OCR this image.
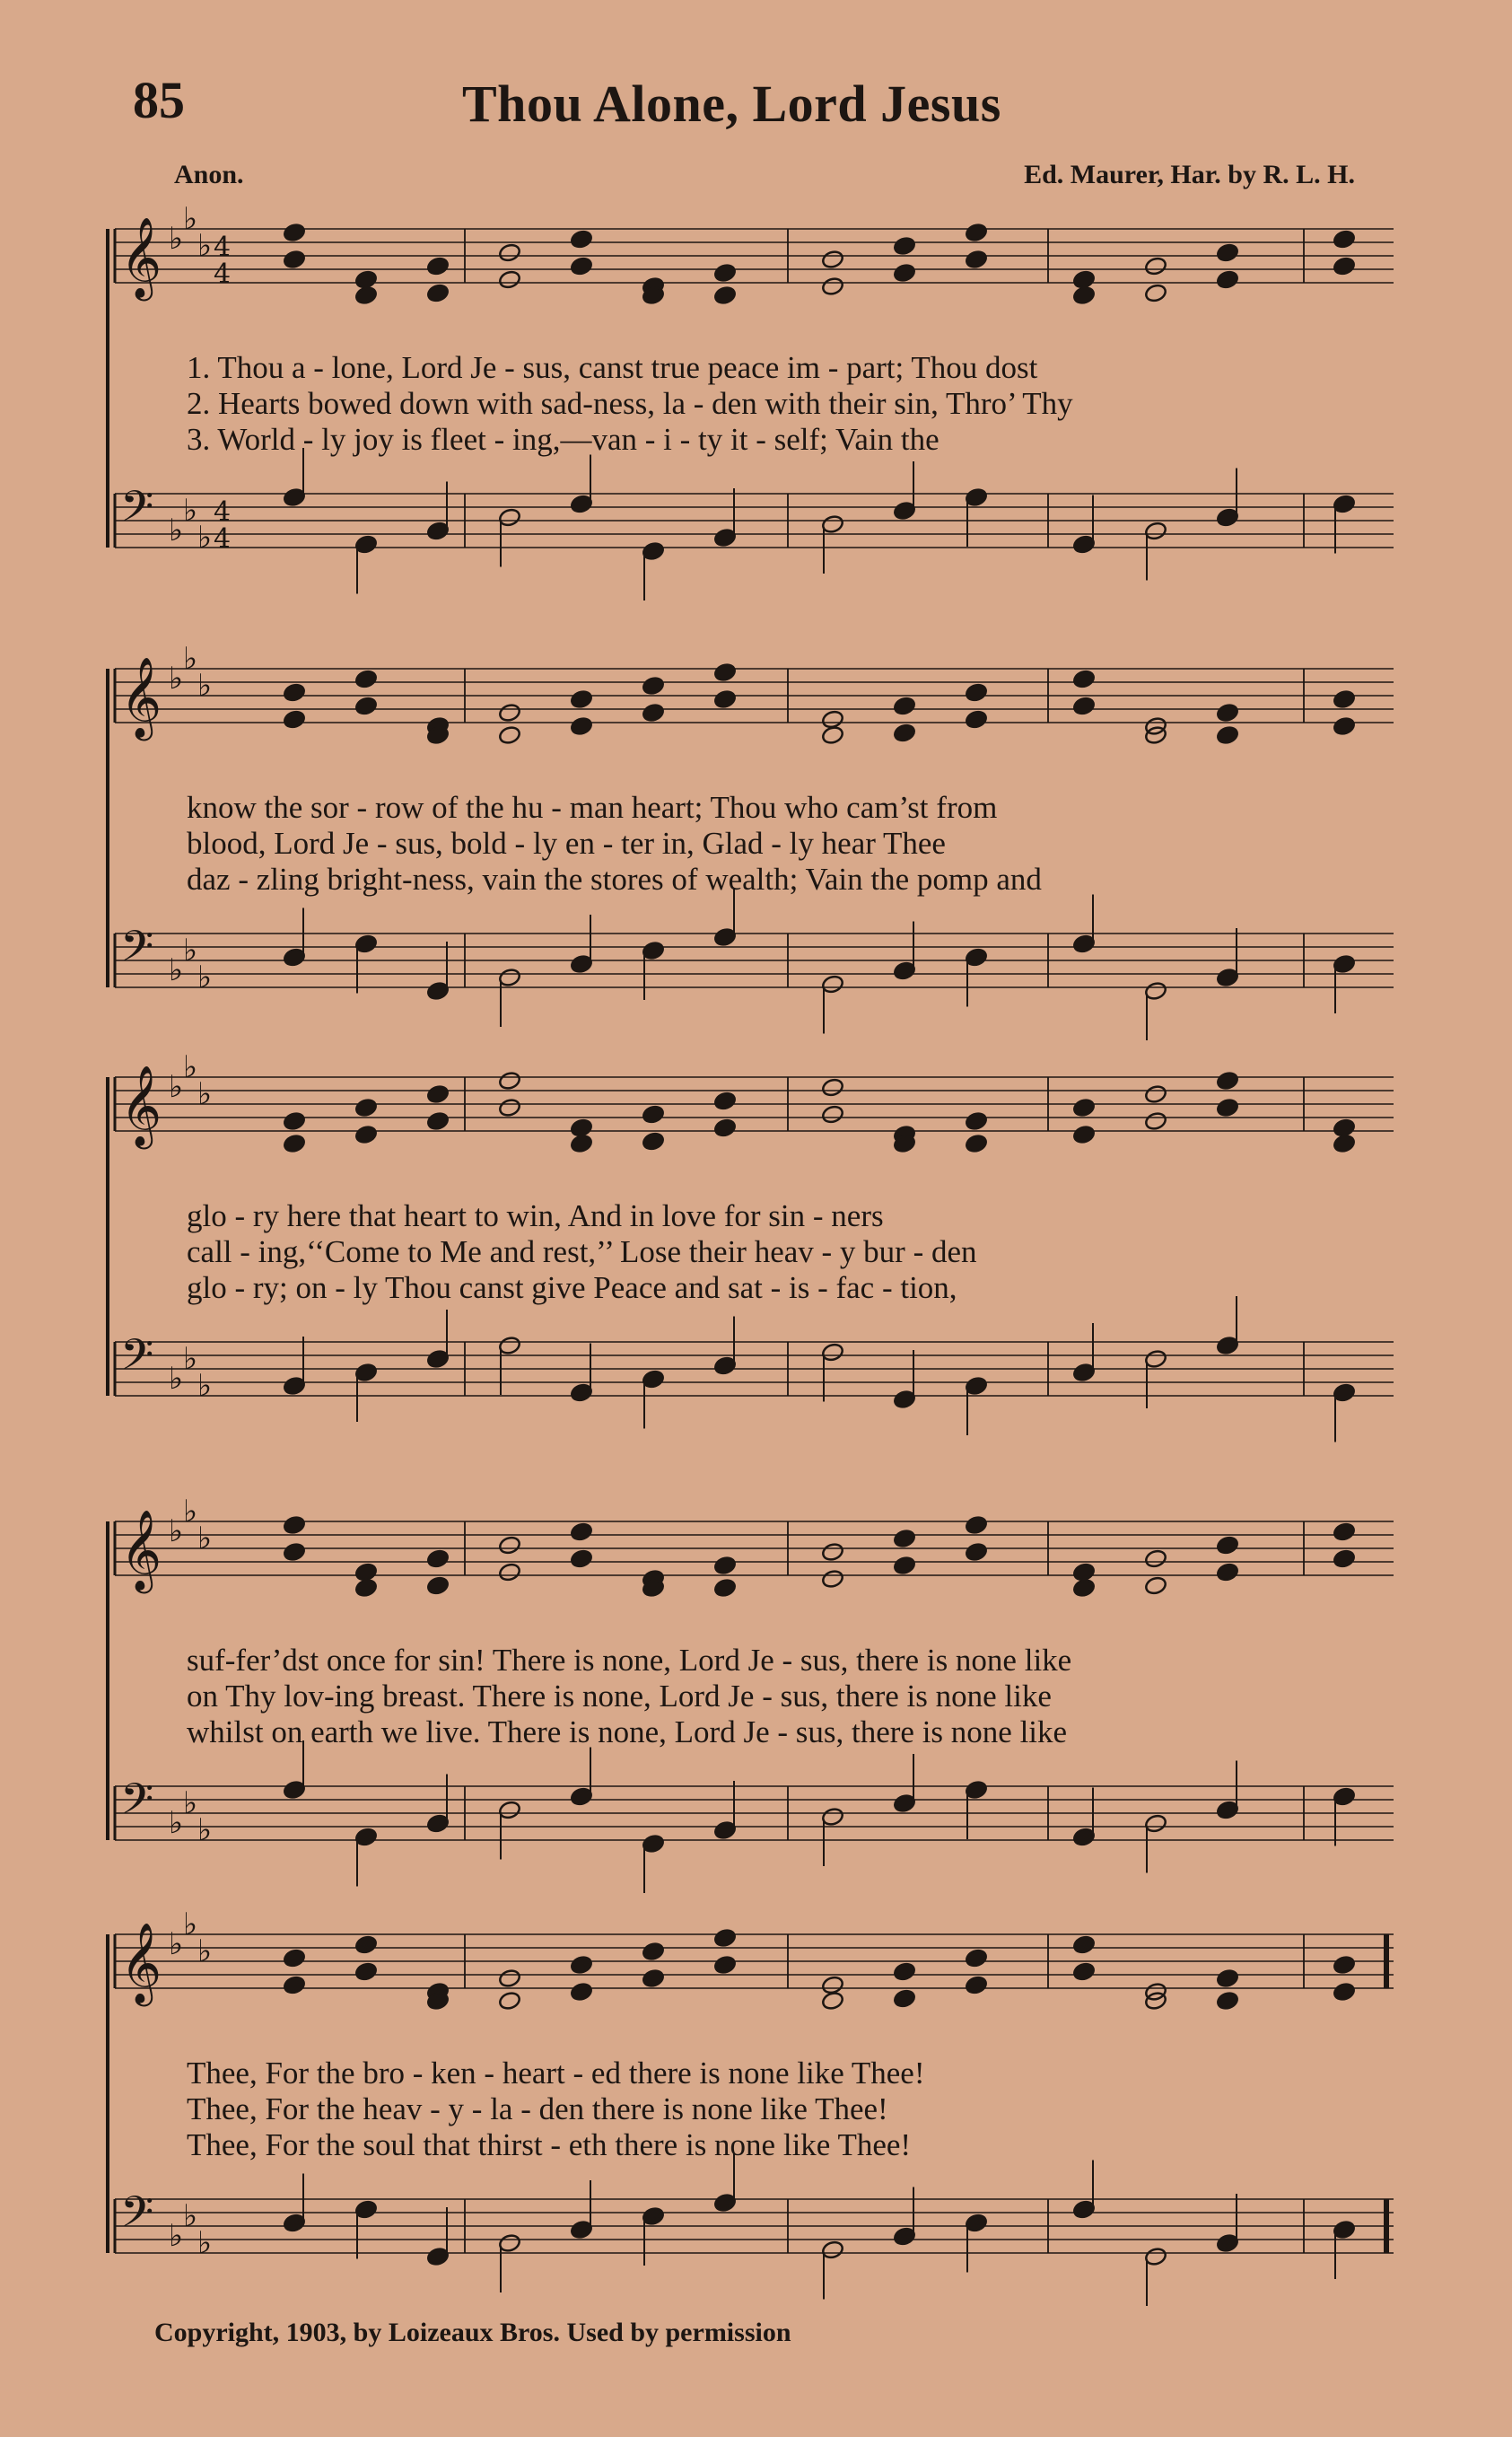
85	Thou Alone, Lord Jesus
Anon.	Ed. Maurer, Har. by R. L. H.
𝄞 ♭
♭
♭ 4
4
𝄢 ♭
♭
♭
4
4
1. Thou a - lone, Lord Je - sus, canst true peace im - part; Thou dost
2. Hearts bowed down with sad-ness, la - den with their sin, Thro’ Thy
3. World - ly joy is fleet - ing,—van - i - ty it - self; Vain the
𝄞 ♭
♭
♭
𝄢 ♭
♭
♭
know the sor - row of the hu - man heart; Thou who cam’st from
blood, Lord Je - sus, bold - ly en - ter in, Glad - ly hear Thee
daz - zling bright-ness, vain the stores of wealth; Vain the pomp and
𝄞 ♭
♭
♭
𝄢 ♭
♭
♭
glo - ry here that heart to win, And in love for sin - ners
call - ing,‘‘Come to Me and rest,’’ Lose their heav - y bur - den
glo - ry; on - ly Thou canst give Peace and sat - is - fac - tion,
𝄞 ♭
♭
♭
𝄢 ♭
♭
♭
suf-fer’dst once for sin! There is none, Lord Je - sus, there is none like
on Thy lov-ing breast. There is none, Lord Je - sus, there is none like
whilst on earth we live. There is none, Lord Je - sus, there is none like
𝄞 ♭
♭
♭
𝄢 ♭
♭
♭
Thee, For the bro - ken - heart - ed there is none like Thee!
Thee, For the heav - y - la - den there is none like Thee!
Thee, For the soul that thirst - eth there is none like Thee!
Copyright, 1903, by Loizeaux Bros. Used by permission
